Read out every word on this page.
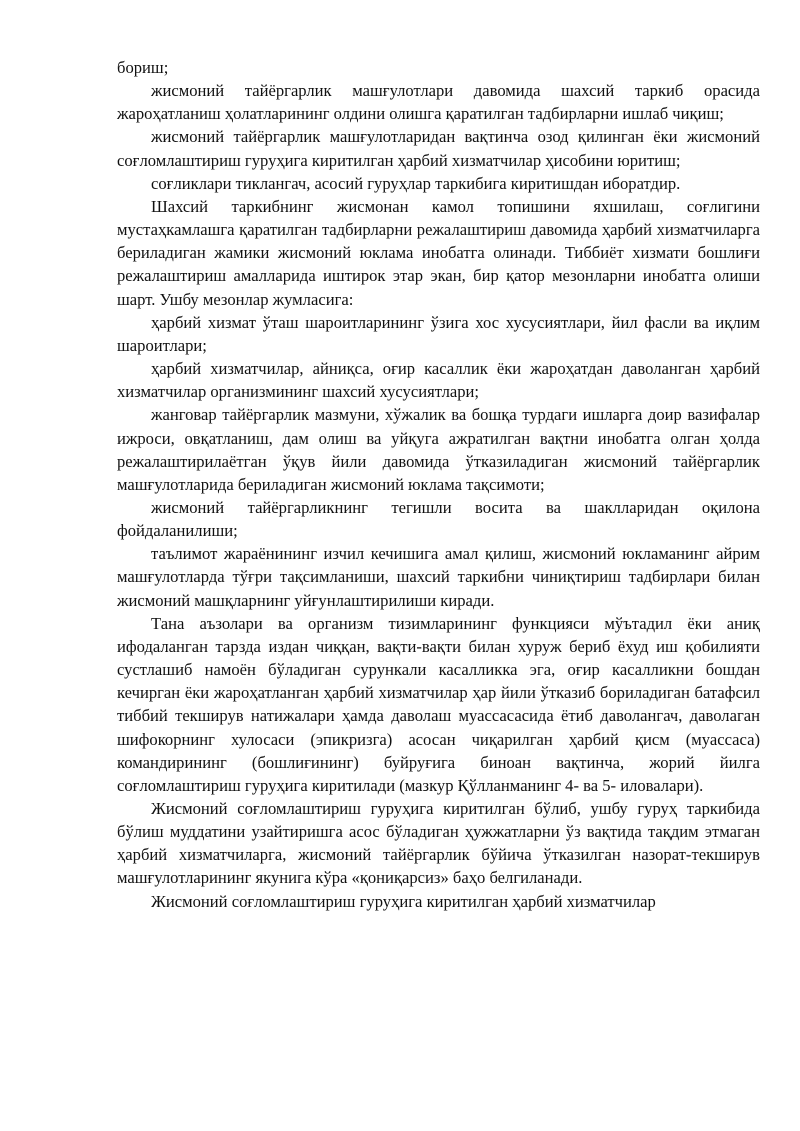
бориш;

жисмоний тайёргарлик машғулотлари давомида шахсий таркиб орасида жароҳатланиш ҳолатларининг олдини олишга қаратилган тадбирларни ишлаб чиқиш;

жисмоний тайёргарлик машғулотларидан вақтинча озод қилинган ёки жисмоний соғломлаштириш гуруҳига киритилган ҳарбий хизматчилар ҳисобини юритиш;

соғликлари тиклангач, асосий гуруҳлар таркибига киритишдан иборатдир.

Шахсий таркибнинг жисмонан камол топишини яхшилаш, соғлигини мустаҳкамлашга қаратилган тадбирларни режалаштириш давомида ҳарбий хизматчиларга бериладиган жамики жисмоний юклама инобатга олинади. Тиббиёт хизмати бошлиғи режалаштириш амалларида иштирок этар экан, бир қатор мезонларни инобатга олиши шарт. Ушбу мезонлар жумласига:

ҳарбий хизмат ўташ шароитларининг ўзига хос хусусиятлари, йил фасли ва иқлим шароитлари;

ҳарбий хизматчилар, айниқса, оғир касаллик ёки жароҳатдан даволанган ҳарбий хизматчилар организмининг шахсий хусусиятлари;

жанговар тайёргарлик мазмуни, хўжалик ва бошқа турдаги ишларга доир вазифалар ижроси, овқатланиш, дам олиш ва уйқуга ажратилган вақтни инобатга олган ҳолда режалаштирилаётган ўқув йили давомида ўтказиладиган жисмоний тайёргарлик машғулотларида бериладиган жисмоний юклама тақсимоти;

жисмоний тайёргарликнинг тегишли восита ва шаклларидан оқилона фойдаланилиши;

таълимот жараёнининг изчил кечишига амал қилиш, жисмоний юкламанинг айрим машғулотларда тўғри тақсимланиши, шахсий таркибни чиниқтириш тадбирлари билан жисмоний машқларнинг уйғунлаштирилиши киради.

Тана аъзолари ва организм тизимларининг функцияси мўътадил ёки аниқ ифодаланган тарзда издан чиққан, вақти-вақти билан хуруж бериб ёхуд иш қобилияти сустлашиб намоён бўладиган сурункали касалликка эга, оғир касалликни бошдан кечирган ёки жароҳатланган ҳарбий хизматчилар ҳар йили ўтказиб бориладиган батафсил тиббий текширув натижалари ҳамда даволаш муассасасида ётиб даволангач, даволаган шифокорнинг хулосаси (эпикризга) асосан чиқарилган ҳарбий қисм (муассаса) командирининг (бошлиғининг) буйруғига биноан вақтинча, жорий йилга соғломлаштириш гуруҳига киритилади (мазкур Қўлланманинг 4- ва 5- иловалари).

Жисмоний соғломлаштириш гуруҳига киритилган бўлиб, ушбу гуруҳ таркибида бўлиш муддатини узайтиришга асос бўладиган ҳужжатларни ўз вақтида тақдим этмаган ҳарбий хизматчиларга, жисмоний тайёргарлик бўйича ўтказилган назорат-текширув машғулотларининг якунига кўра «қониқарсиз» баҳо белгиланади.

Жисмоний соғломлаштириш гуруҳига киритилган ҳарбий хизматчилар
